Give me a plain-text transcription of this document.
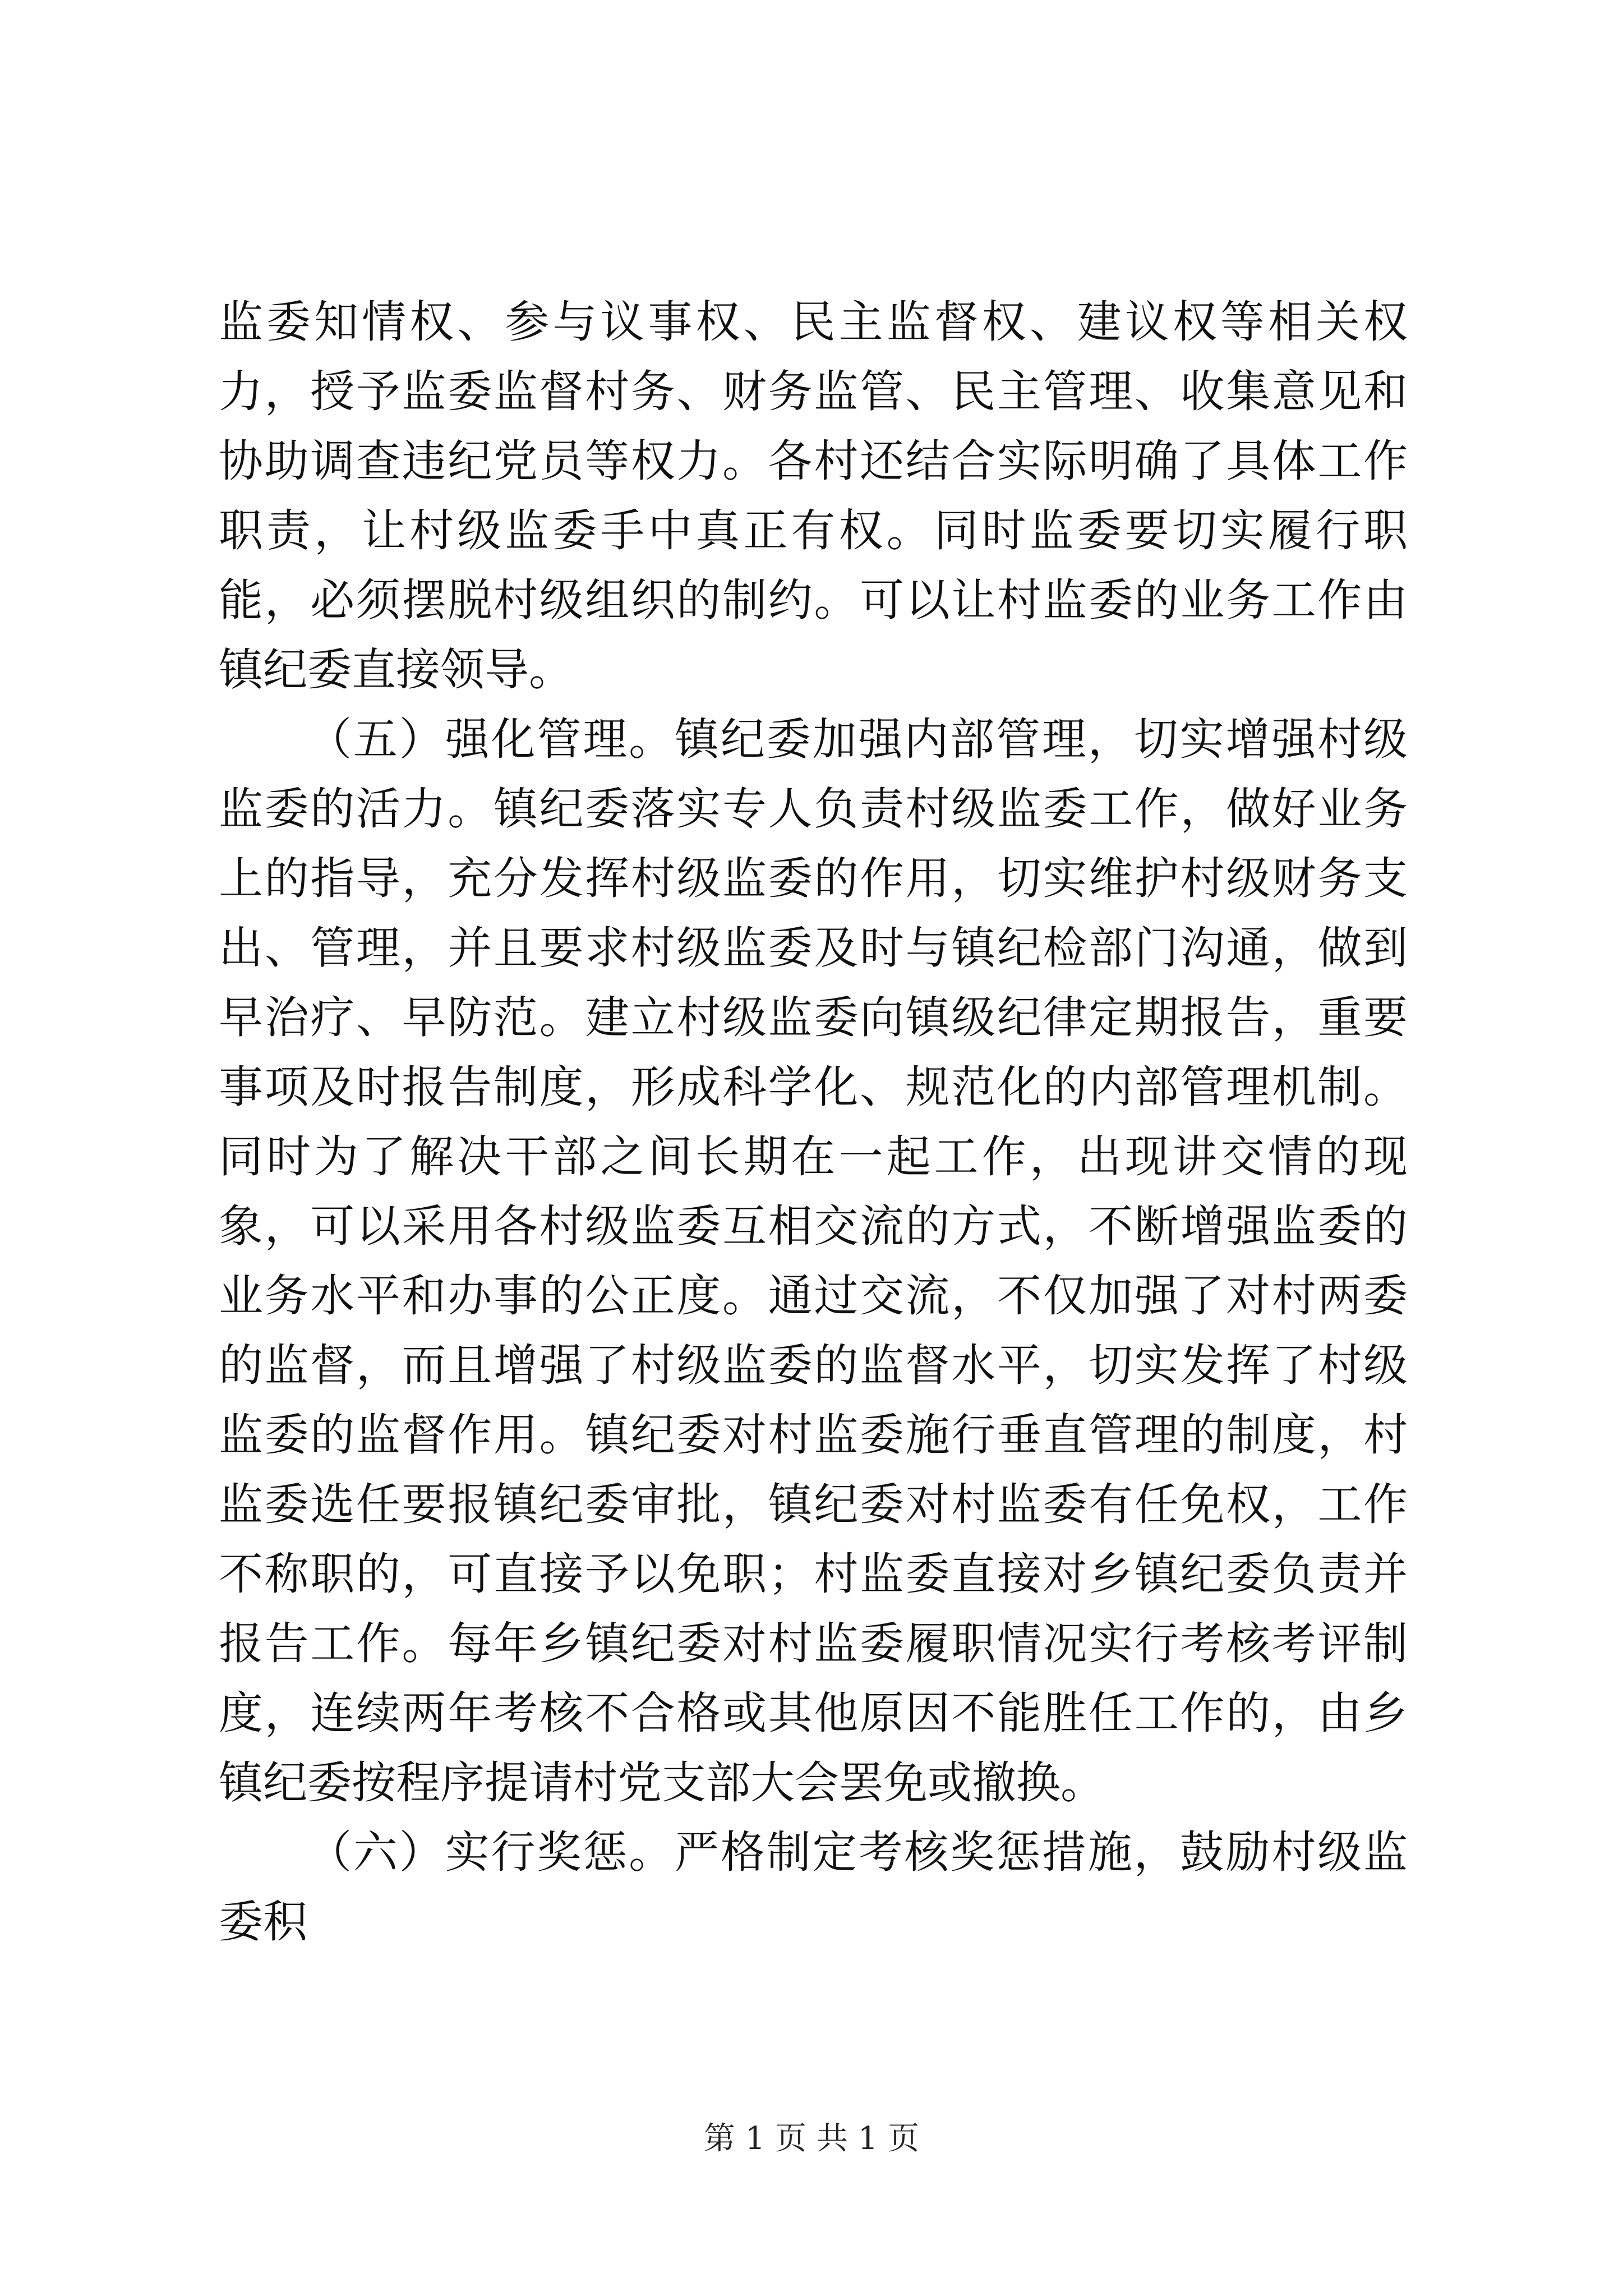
监委知情权、参与议事权、民主监督权、建议权等相关权力，授予监委监督村务、财务监管、民主管理、收集意见和协助调查违纪党员等权力。各村还结合实际明确了具体工作职责，让村级监委手中真正有权。同时监委要切实履行职能，必须摆脱村级组织的制约。可以让村监委的业务工作由镇纪委直接领导。

（五）强化管理。镇纪委加强内部管理，切实增强村级监委的活力。镇纪委落实专人负责村级监委工作，做好业务上的指导，充分发挥村级监委的作用，切实维护村级财务支出、管理，并且要求村级监委及时与镇纪检部门沟通，做到早治疗、早防范。建立村级监委向镇级纪律定期报告，重要事项及时报告制度，形成科学化、规范化的内部管理机制。同时为了解决干部之间长期在一起工作，出现讲交情的现象，可以采用各村级监委互相交流的方式，不断增强监委的业务水平和办事的公正度。通过交流，不仅加强了对村两委的监督，而且增强了村级监委的监督水平，切实发挥了村级监委的监督作用。镇纪委对村监委施行垂直管理的制度，村监委选任要报镇纪委审批，镇纪委对村监委有任免权，工作不称职的，可直接予以免职；村监委直接对乡镇纪委负责并报告工作。每年乡镇纪委对村监委履职情况实行考核考评制度，连续两年考核不合格或其他原因不能胜任工作的，由乡镇纪委按程序提请村党支部大会罢免或撤换。

（六）实行奖惩。严格制定考核奖惩措施，鼓励村级监委积

第 1 页 共 1 页
